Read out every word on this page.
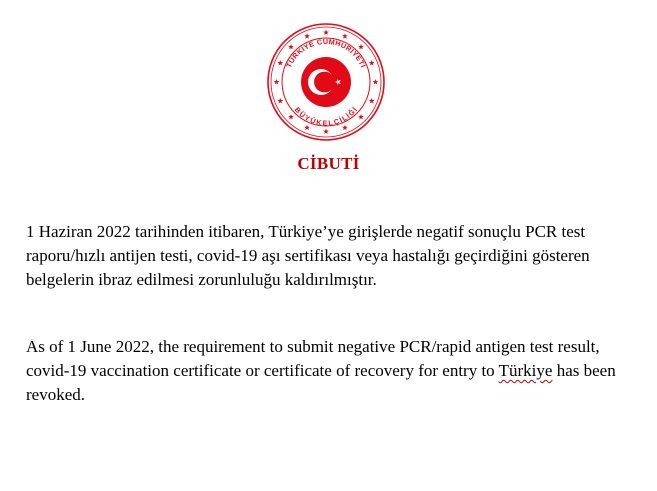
TÜRKİYE CUMHURİYETİ
BÜYÜKELÇİLİĞİ
CİBUTİ

1 Haziran 2022 tarihinden itibaren, Türkiye’ye girişlerde negatif sonuçlu PCR test raporu/hızlı antijen testi, covid-19 aşı sertifikası veya hastalığı geçirdiğini gösteren belgelerin ibraz edilmesi zorunluluğu kaldırılmıştır.

As of 1 June 2022, the requirement to submit negative PCR/rapid antigen test result, covid-19 vaccination certificate or certificate of recovery for entry to Türkiye has been revoked.
